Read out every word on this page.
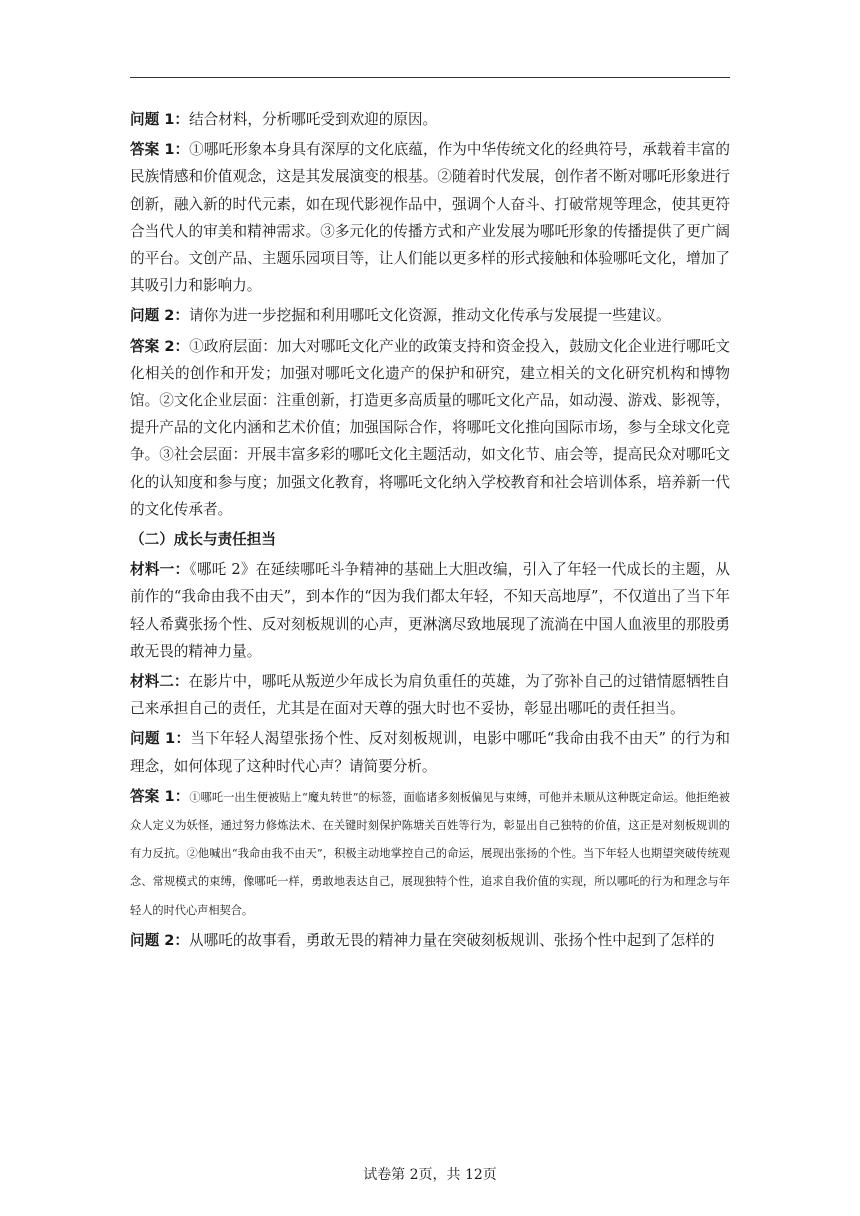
问题 1：结合材料，分析哪吒受到欢迎的原因。

答案 1：①哪吒形象本身具有深厚的文化底蕴，作为中华传统文化的经典符号，承载着丰富的民族情感和价值观念，这是其发展演变的根基。②随着时代发展，创作者不断对哪吒形象进行创新，融入新的时代元素，如在现代影视作品中，强调个人奋斗、打破常规等理念，使其更符合当代人的审美和精神需求。③多元化的传播方式和产业发展为哪吒形象的传播提供了更广阔的平台。文创产品、主题乐园项目等，让人们能以更多样的形式接触和体验哪吒文化，增加了其吸引力和影响力。

问题 2：请你为进一步挖掘和利用哪吒文化资源，推动文化传承与发展提一些建议。

答案 2：①政府层面：加大对哪吒文化产业的政策支持和资金投入，鼓励文化企业进行哪吒文化相关的创作和开发；加强对哪吒文化遗产的保护和研究，建立相关的文化研究机构和博物馆。②文化企业层面：注重创新，打造更多高质量的哪吒文化产品，如动漫、游戏、影视等，提升产品的文化内涵和艺术价值；加强国际合作，将哪吒文化推向国际市场，参与全球文化竞争。③社会层面：开展丰富多彩的哪吒文化主题活动，如文化节、庙会等，提高民众对哪吒文化的认知度和参与度；加强文化教育，将哪吒文化纳入学校教育和社会培训体系，培养新一代的文化传承者。

（二）成长与责任担当

材料一：《哪吒 2》在延续哪吒斗争精神的基础上大胆改编，引入了年轻一代成长的主题，从前作的“我命由我不由天”，到本作的“因为我们都太年轻，不知天高地厚”，不仅道出了当下年轻人希冀张扬个性、反对刻板规训的心声，更淋漓尽致地展现了流淌在中国人血液里的那股勇敢无畏的精神力量。

材料二：在影片中，哪吒从叛逆少年成长为肩负重任的英雄，为了弥补自己的过错情愿牺牲自己来承担自己的责任，尤其是在面对天尊的强大时也不妥协，彰显出哪吒的责任担当。

问题 1：当下年轻人渴望张扬个性、反对刻板规训，电影中哪吒“我命由我不由天” 的行为和理念，如何体现了这种时代心声？请简要分析。

答案 1：①哪吒一出生便被贴上“魔丸转世”的标签，面临诸多刻板偏见与束缚，可他并未顺从这种既定命运。他拒绝被众人定义为妖怪，通过努力修炼法术、在关键时刻保护陈塘关百姓等行为，彰显出自己独特的价值，这正是对刻板规训的有力反抗。②他喊出“我命由我不由天”，积极主动地掌控自己的命运，展现出张扬的个性。当下年轻人也期望突破传统观念、常规模式的束缚，像哪吒一样，勇敢地表达自己，展现独特个性，追求自我价值的实现，所以哪吒的行为和理念与年轻人的时代心声相契合。

问题 2：从哪吒的故事看，勇敢无畏的精神力量在突破刻板规训、张扬个性中起到了怎样的

试卷第 2页，共 12页
